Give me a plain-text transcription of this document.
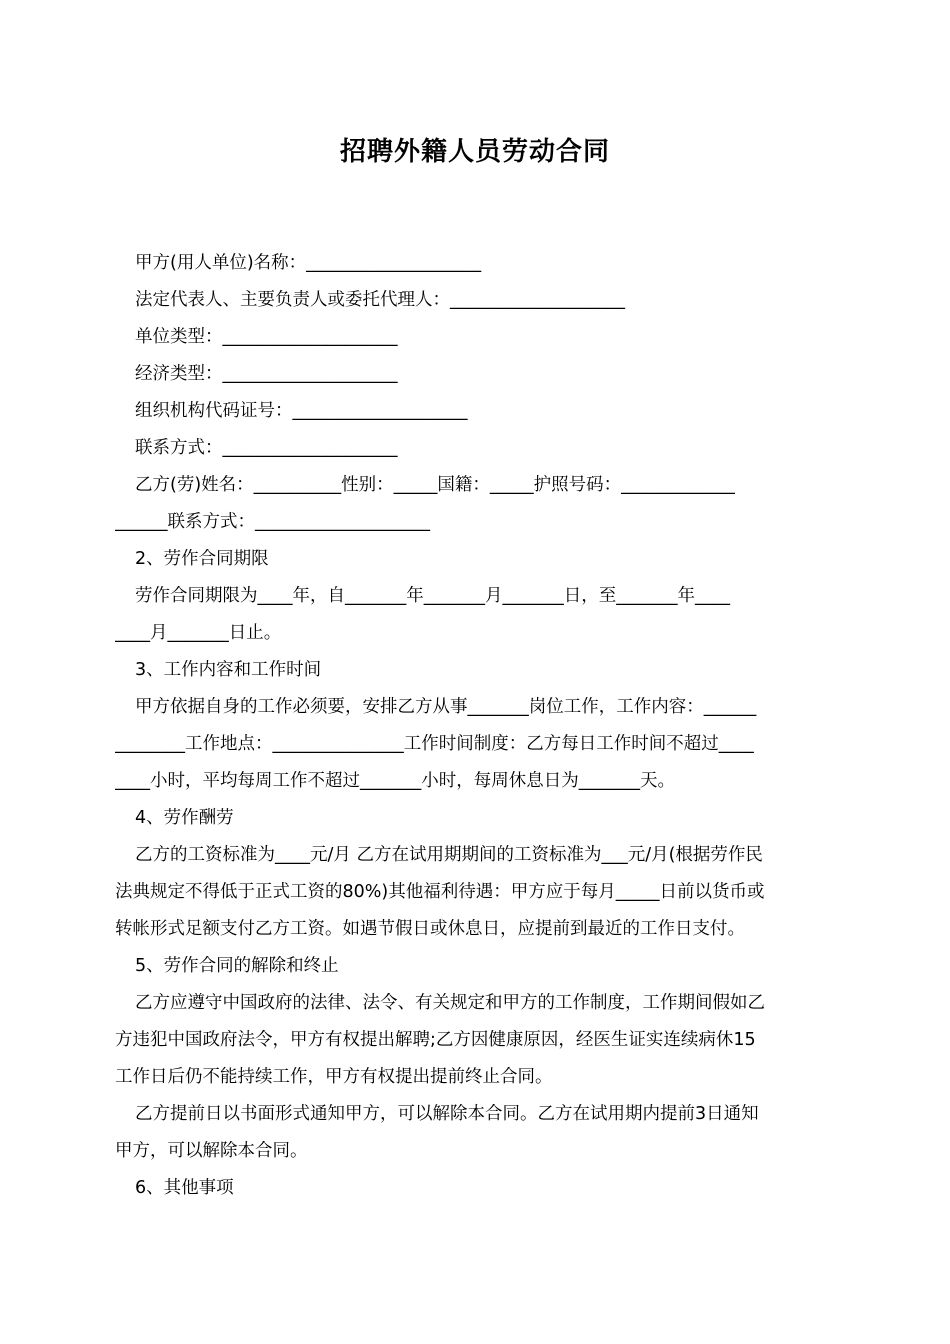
招聘外籍人员劳动合同
甲方(用人单位)名称：____________________
法定代表人、主要负责人或委托代理人：____________________
单位类型：____________________
经济类型：____________________
组织机构代码证号：____________________
联系方式：____________________
乙方(劳)姓名：__________性别：_____国籍：_____护照号码：_____________
______联系方式：____________________
2、劳作合同期限
劳作合同期限为____年，自_______年_______月_______日，至_______年____
____月_______日止。
3、工作内容和工作时间
甲方依据自身的工作必须要，安排乙方从事_______岗位工作，工作内容：______
________工作地点：_______________工作时间制度：乙方每日工作时间不超过____
____小时，平均每周工作不超过_______小时，每周休息日为_______天。
4、劳作酬劳
乙方的工资标准为____元/月 乙方在试用期期间的工资标准为___元/月(根据劳作民
法典规定不得低于正式工资的80%)其他福利待遇：甲方应于每月_____日前以货币或
转帐形式足额支付乙方工资。如遇节假日或休息日，应提前到最近的工作日支付。
5、劳作合同的解除和终止
乙方应遵守中国政府的法律、法令、有关规定和甲方的工作制度，工作期间假如乙
方违犯中国政府法令，甲方有权提出解聘;乙方因健康原因，经医生证实连续病休15
工作日后仍不能持续工作，甲方有权提出提前终止合同。
乙方提前日以书面形式通知甲方，可以解除本合同。乙方在试用期内提前3日通知
甲方，可以解除本合同。
6、其他事项
